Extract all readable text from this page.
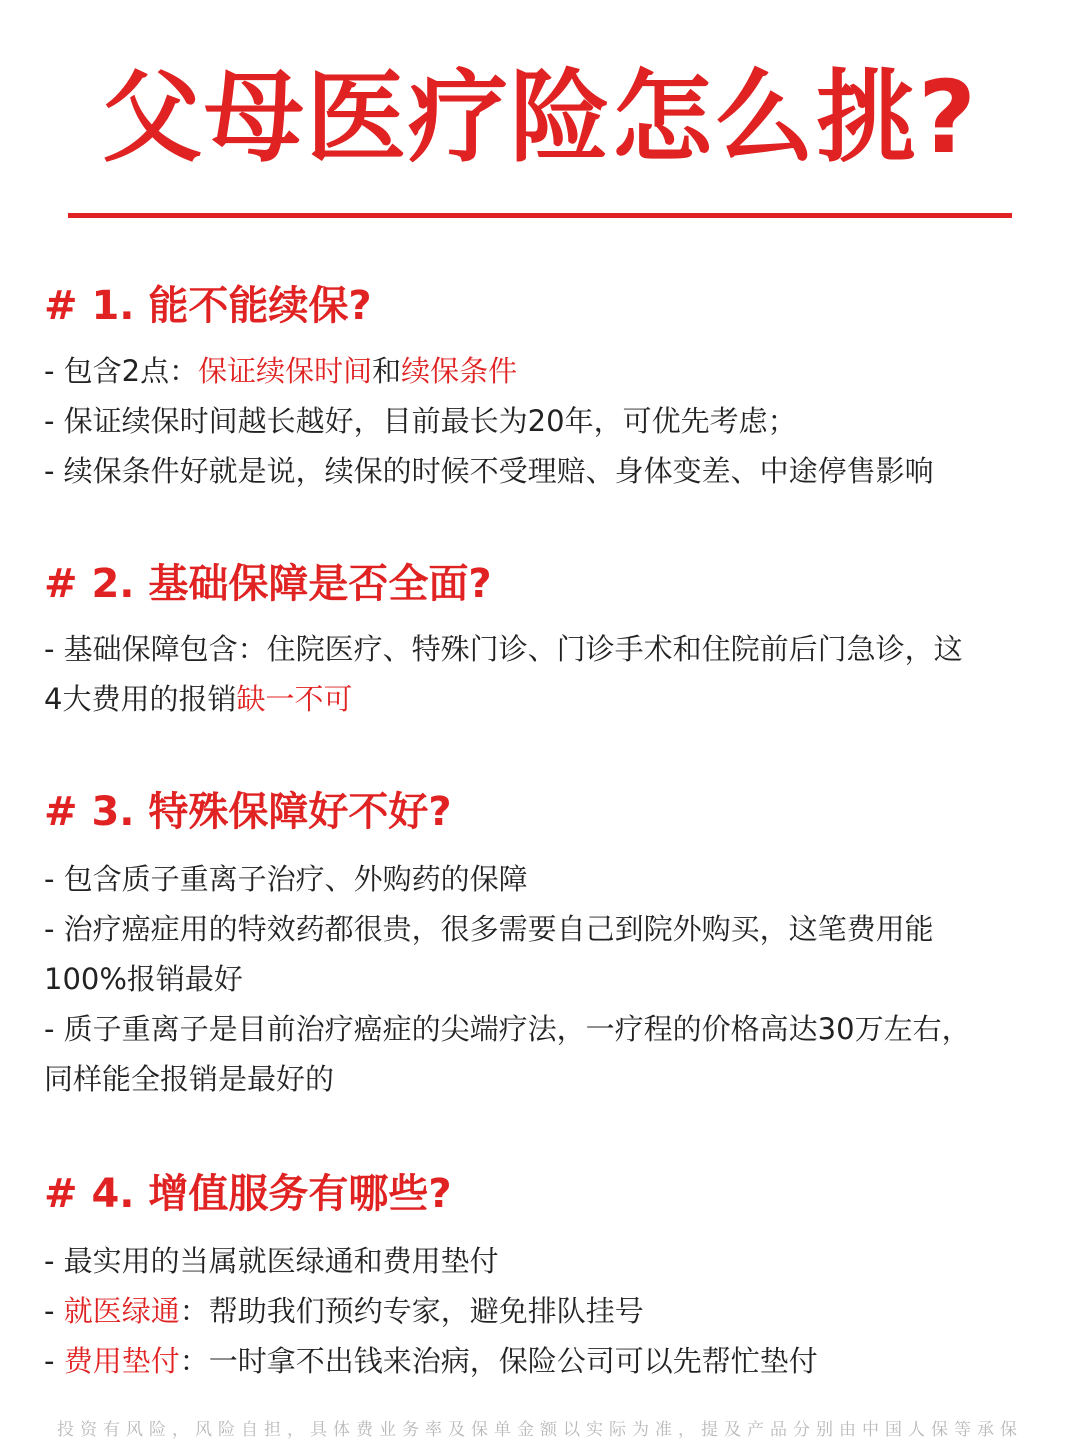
父母医疗险怎么挑?
# 1. 能不能续保?
- 包含2点：保证续保时间和续保条件
- 保证续保时间越长越好，目前最长为20年，可优先考虑；
- 续保条件好就是说，续保的时候不受理赔、身体变差、中途停售影响
# 2. 基础保障是否全面?
- 基础保障包含：住院医疗、特殊门诊、门诊手术和住院前后门急诊，这
4大费用的报销缺一不可
# 3. 特殊保障好不好?
- 包含质子重离子治疗、外购药的保障
- 治疗癌症用的特效药都很贵，很多需要自己到院外购买，这笔费用能
100%报销最好
- 质子重离子是目前治疗癌症的尖端疗法，一疗程的价格高达30万左右，
同样能全报销是最好的
# 4. 增值服务有哪些?
- 最实用的当属就医绿通和费用垫付
- 就医绿通：帮助我们预约专家，避免排队挂号
- 费用垫付：一时拿不出钱来治病，保险公司可以先帮忙垫付
投资有风险，风险自担，具体费业务率及保单金额以实际为准，提及产品分别由中国人保等承保
